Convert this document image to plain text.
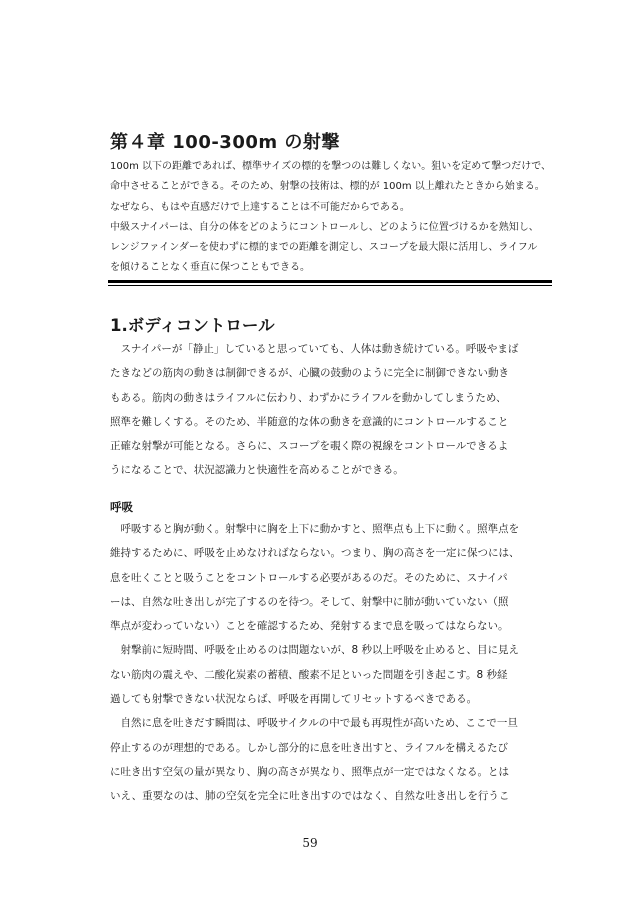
第４章 100-300m の射撃

100m 以下の距離であれば、標準サイズの標的を撃つのは難しくない。狙いを定めて撃つだけで、

命中させることができる。そのため、射撃の技術は、標的が 100m 以上離れたときから始まる。

なぜなら、もはや直感だけで上達することは不可能だからである。

中級スナイパーは、自分の体をどのようにコントロールし、どのように位置づけるかを熟知し、

レンジファインダーを使わずに標的までの距離を測定し、スコープを最大限に活用し、ライフル

を傾けることなく垂直に保つこともできる。

1.ボディコントロール

　スナイパーが「静止」していると思っていても、人体は動き続けている。呼吸やまば

たきなどの筋肉の動きは制御できるが、心臓の鼓動のように完全に制御できない動き

もある。筋肉の動きはライフルに伝わり、わずかにライフルを動かしてしまうため、

照準を難しくする。そのため、半随意的な体の動きを意識的にコントロールすること

正確な射撃が可能となる。さらに、スコープを覗く際の視線をコントロールできるよ

うになることで、状況認識力と快適性を高めることができる。

呼吸

　呼吸すると胸が動く。射撃中に胸を上下に動かすと、照準点も上下に動く。照準点を

維持するために、呼吸を止めなければならない。つまり、胸の高さを一定に保つには、

息を吐くことと吸うことをコントロールする必要があるのだ。そのために、スナイパ

ーは、自然な吐き出しが完了するのを待つ。そして、射撃中に肺が動いていない（照

準点が変わっていない）ことを確認するため、発射するまで息を吸ってはならない。

　射撃前に短時間、呼吸を止めるのは問題ないが、8 秒以上呼吸を止めると、目に見え

ない筋肉の震えや、二酸化炭素の蓄積、酸素不足といった問題を引き起こす。8 秒経

過しても射撃できない状況ならば、呼吸を再開してリセットするべきである。

　自然に息を吐きだす瞬間は、呼吸サイクルの中で最も再現性が高いため、ここで一旦

停止するのが理想的である。しかし部分的に息を吐き出すと、ライフルを構えるたび

に吐き出す空気の量が異なり、胸の高さが異なり、照準点が一定ではなくなる。とは

いえ、重要なのは、肺の空気を完全に吐き出すのではなく、自然な吐き出しを行うこ

59
